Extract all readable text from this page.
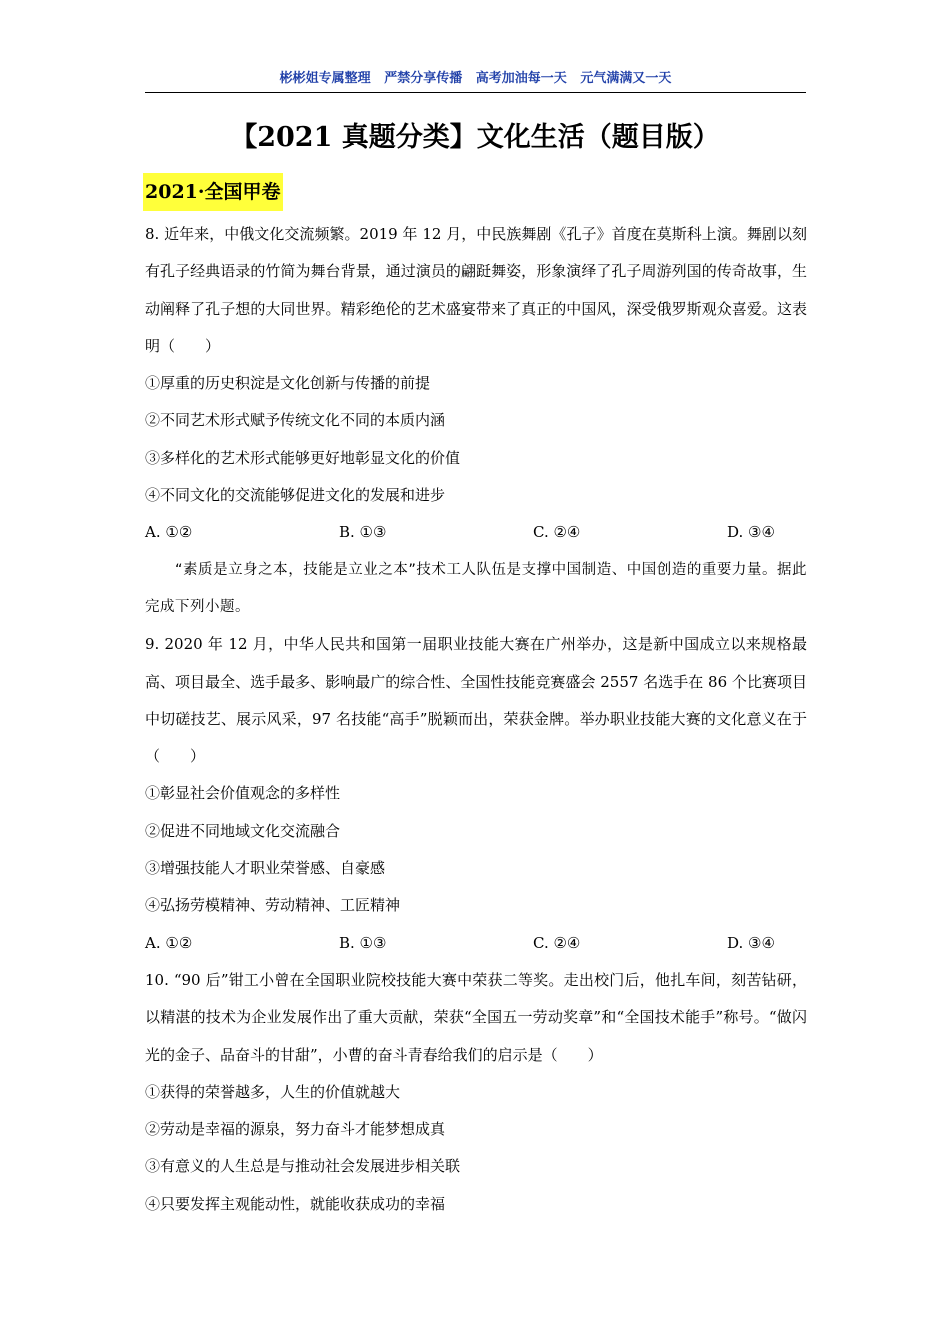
彬彬姐专属整理   严禁分享传播   高考加油每一天   元气满满又一天
【2021 真题分类】文化生活（题目版）
2021·全国甲卷
8. 近年来，中俄文化交流频繁。2019 年 12 月，中民族舞剧《孔子》首度在莫斯科上演。舞剧以刻有孔子经典语录的竹简为舞台背景，通过演员的翩跹舞姿，形象演绎了孔子周游列国的传奇故事，生动阐释了孔子想的大同世界。精彩绝伦的艺术盛宴带来了真正的中国风，深受俄罗斯观众喜爱。这表明（　　）
①厚重的历史积淀是文化创新与传播的前提
②不同艺术形式赋予传统文化不同的本质内涵
③多样化的艺术形式能够更好地彰显文化的价值
④不同文化的交流能够促进文化的发展和进步
A. ①②	B. ①③	C. ②④	D. ③④
“素质是立身之本，技能是立业之本”技术工人队伍是支撑中国制造、中国创造的重要力量。据此完成下列小题。
9. 2020 年 12 月，中华人民共和国第一届职业技能大赛在广州举办，这是新中国成立以来规格最高、项目最全、选手最多、影响最广的综合性、全国性技能竞赛盛会 2557 名选手在 86 个比赛项目中切磋技艺、展示风采，97 名技能“高手”脱颖而出，荣获金牌。举办职业技能大赛的文化意义在于（　　）
①彰显社会价值观念的多样性
②促进不同地域文化交流融合
③增强技能人才职业荣誉感、自豪感
④弘扬劳模精神、劳动精神、工匠精神
A. ①②	B. ①③	C. ②④	D. ③④
10. “90 后”钳工小曾在全国职业院校技能大赛中荣获二等奖。走出校门后，他扎车间，刻苦钻研，以精湛的技术为企业发展作出了重大贡献，荣获“全国五一劳动奖章”和“全国技术能手”称号。“做闪光的金子、品奋斗的甘甜”，小曹的奋斗青春给我们的启示是（　　）
①获得的荣誉越多，人生的价值就越大
②劳动是幸福的源泉，努力奋斗才能梦想成真
③有意义的人生总是与推动社会发展进步相关联
④只要发挥主观能动性，就能收获成功的幸福
